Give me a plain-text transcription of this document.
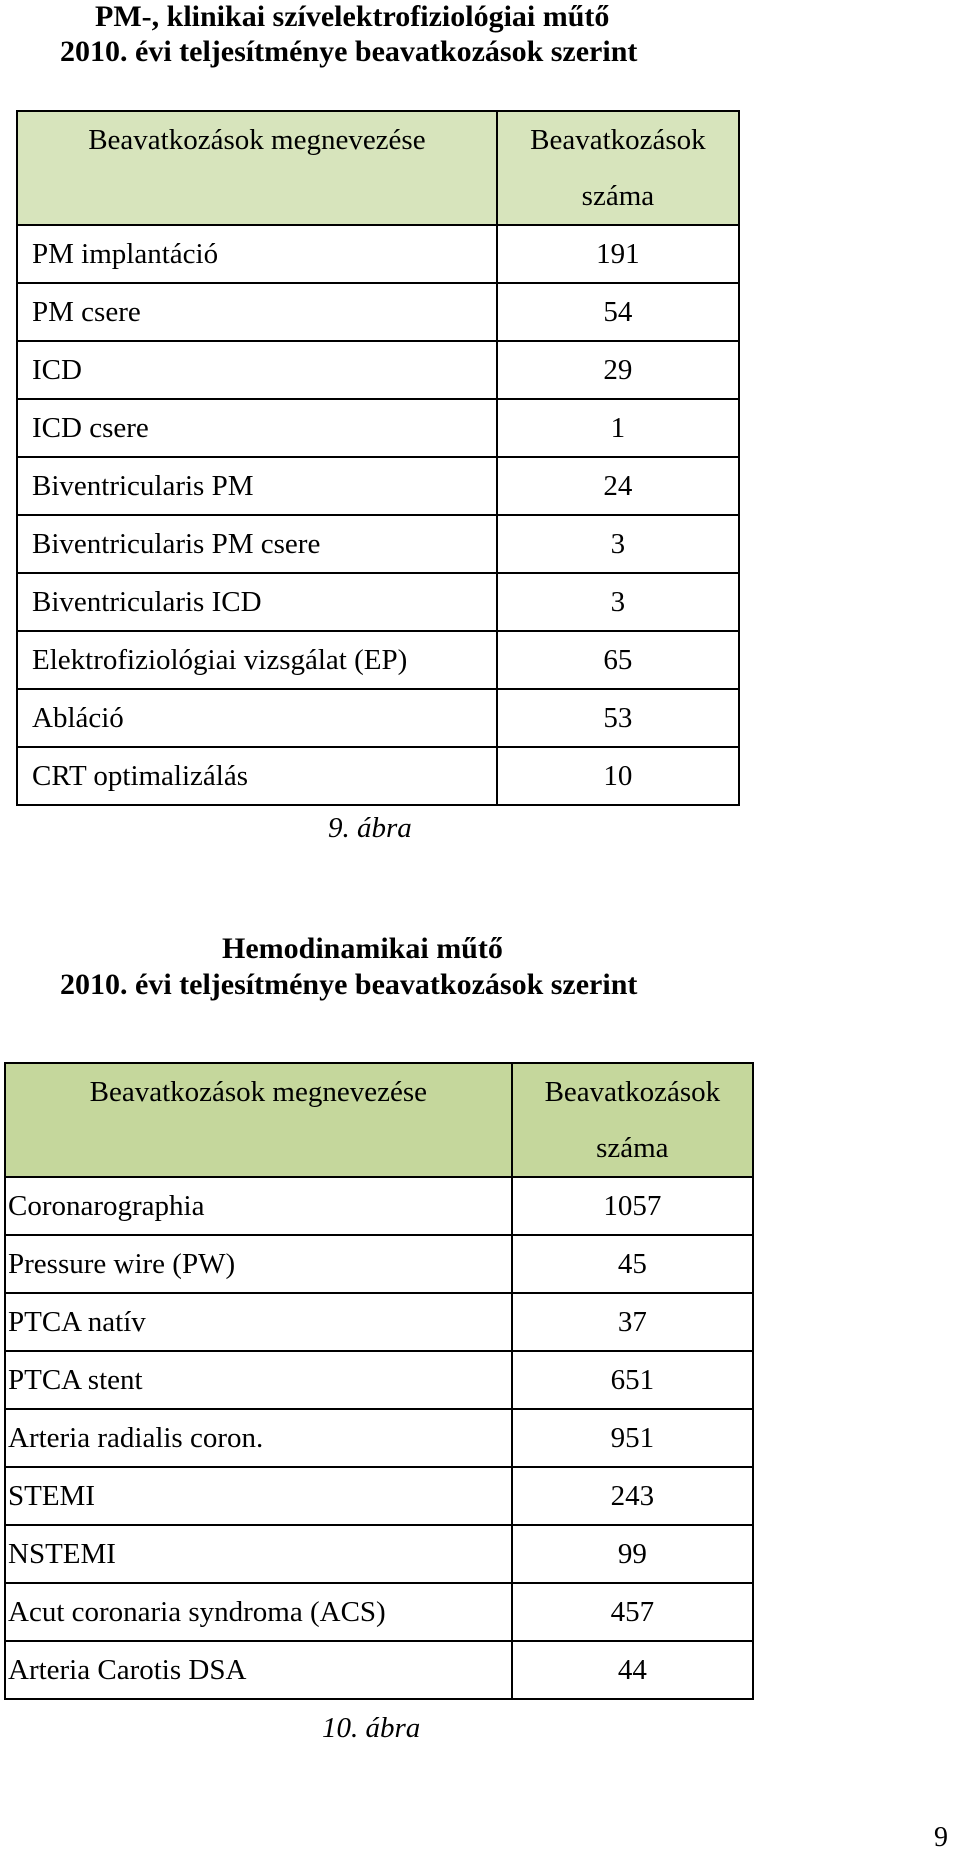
PM-, klinikai szívelektrofiziológiai műtő
2010. évi teljesítménye beavatkozások szerint
Beavatkozások megnevezése	Beavatkozások
száma

PM implantáció	191
PM csere	54
ICD	29
ICD csere	1
Biventricularis PM	24
Biventricularis PM csere	3
Biventricularis ICD	3
Elektrofiziológiai vizsgálat (EP)	65
Abláció	53
CRT optimalizálás	10
9. ábra
Hemodinamikai műtő
2010. évi teljesítménye beavatkozások szerint
Beavatkozások megnevezése	Beavatkozások
száma

Coronarographia	1057
Pressure wire (PW)	45
PTCA natív	37
PTCA stent	651
Arteria radialis coron.	951
STEMI	243
NSTEMI	99
Acut coronaria syndroma (ACS)	457
Arteria Carotis DSA	44
10. ábra
9
